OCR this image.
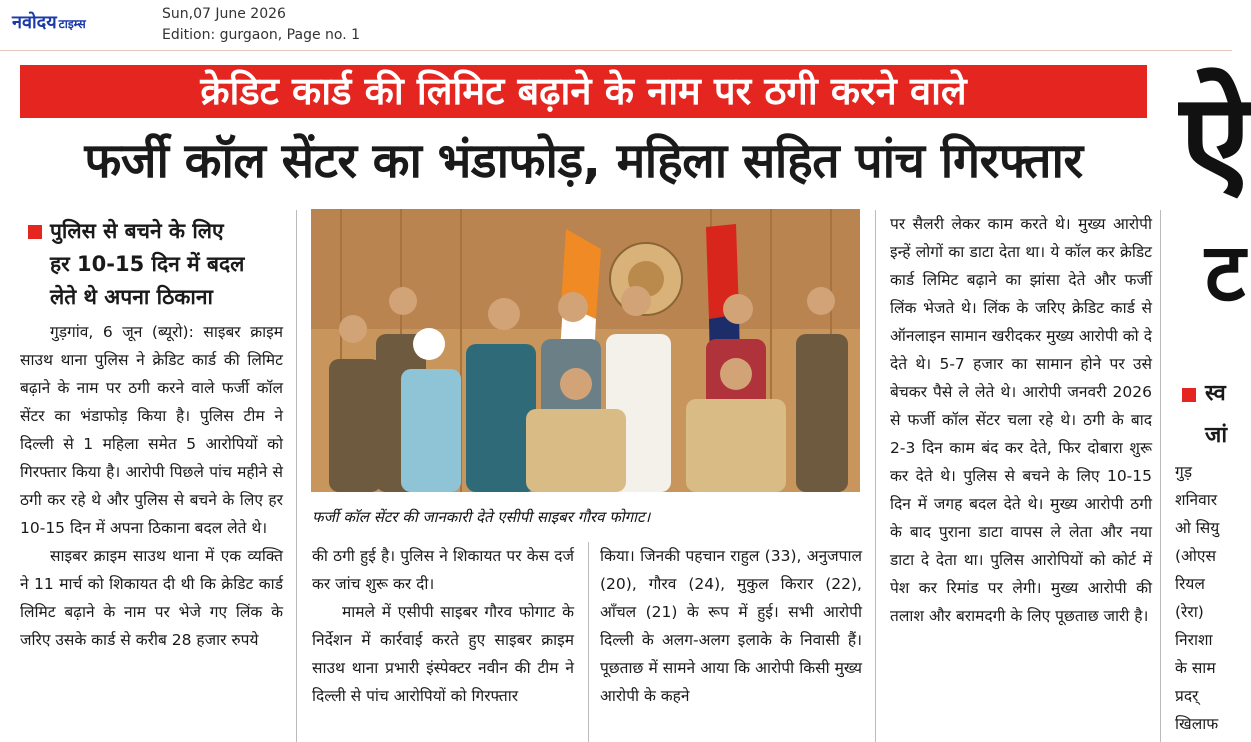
नवोदय टाइम्स
Sun,07 June 2026
Edition: gurgaon, Page no. 1
क्रेडिट कार्ड की लिमिट बढ़ाने के नाम पर ठगी करने वाले
फर्जी कॉल सेंटर का भंडाफोड़, महिला सहित पांच गिरफ्तार ऐ
ट
पुलिस से बचने के लिए
हर 10-15 दिन में बदल
लेते थे अपना ठिकाना

गुड़गांव, 6 जून (ब्यूरो): साइबर क्राइम साउथ थाना पुलिस ने क्रेडिट कार्ड की लिमिट बढ़ाने के नाम पर ठगी करने वाले फर्जी कॉल सेंटर का भंडाफोड़ किया है। पुलिस टीम ने दिल्ली से 1 महिला समेत 5 आरोपियों को गिरफ्तार किया है। आरोपी पिछले पांच महीने से ठगी कर रहे थे और पुलिस से बचने के लिए हर 10-15 दिन में अपना ठिकाना बदल लेते थे।

साइबर क्राइम साउथ थाना में एक व्यक्ति ने 11 मार्च को शिकायत दी थी कि क्रेडिट कार्ड लिमिट बढ़ाने के नाम पर भेजे गए लिंक के जरिए उसके कार्ड से करीब 28 हजार रुपये

फर्जी कॉल सेंटर की जानकारी देते एसीपी साइबर गौरव फोगाट।

की ठगी हुई है। पुलिस ने शिकायत पर केस दर्ज कर जांच शुरू कर दी।

मामले में एसीपी साइबर गौरव फोगाट के निर्देशन में कार्रवाई करते हुए साइबर क्राइम साउथ थाना प्रभारी इंस्पेक्टर नवीन की टीम ने दिल्ली से पांच आरोपियों को गिरफ्तार

किया। जिनकी पहचान राहुल (33), अनुजपाल (20), गौरव (24), मुकुल किरार (22), आँचल (21) के रूप में हुई। सभी आरोपी दिल्ली के अलग-अलग इलाके के निवासी हैं। पूछताछ में सामने आया कि आरोपी किसी मुख्य आरोपी के कहने

पर सैलरी लेकर काम करते थे। मुख्य आरोपी इन्हें लोगों का डाटा देता था। ये कॉल कर क्रेडिट कार्ड लिमिट बढ़ाने का झांसा देते और फर्जी लिंक भेजते थे। लिंक के जरिए क्रेडिट कार्ड से ऑनलाइन सामान खरीदकर मुख्य आरोपी को दे देते थे। 5-7 हजार का सामान होने पर उसे बेचकर पैसे ले लेते थे। आरोपी जनवरी 2026 से फर्जी कॉल सेंटर चला रहे थे। ठगी के बाद 2-3 दिन काम बंद कर देते, फिर दोबारा शुरू कर देते थे। पुलिस से बचने के लिए 10-15 दिन में जगह बदल देते थे। मुख्य आरोपी ठगी के बाद पुराना डाटा वापस ले लेता और नया डाटा दे देता था। पुलिस आरोपियों को कोर्ट में पेश कर रिमांड पर लेगी। मुख्य आरोपी की तलाश और बरामदगी के लिए पूछताछ जारी है।

स्व
जां

गुड़

शनिवार

ओ सियु

(ओएस

रियल

(रेरा)

निराशा

के साम

प्रदर्

खिलाफ
